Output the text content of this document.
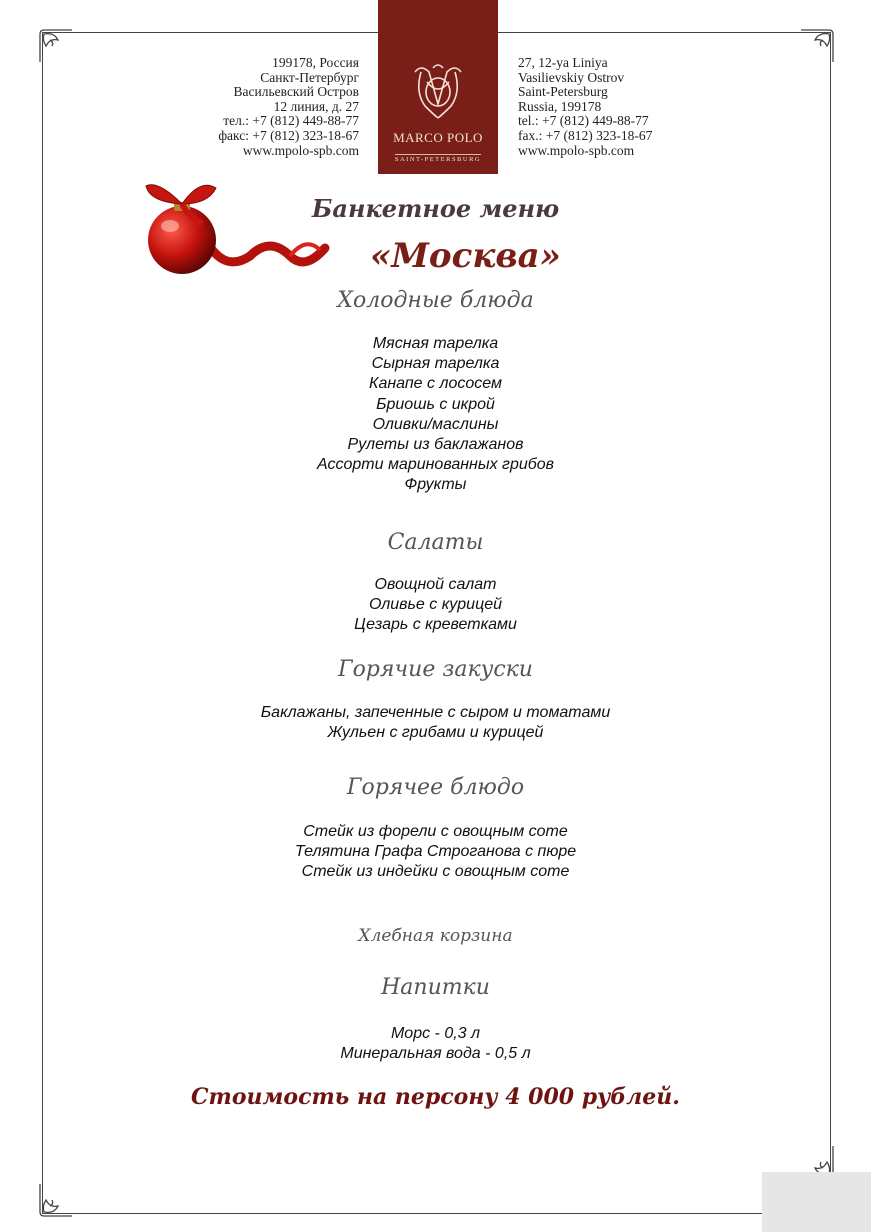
199178, Россия
Санкт-Петербург
Васильевский Остров
12 линия, д. 27
тел.: +7 (812) 449-88-77
факс: +7 (812) 323-18-67
www.mpolo-spb.com
MARCO POLO
SAINT-PETERSBURG
27, 12-ya Liniya
Vasilievskiy Ostrov
Saint-Petersburg
Russia, 199178
tel.: +7 (812) 449-88-77
fax.: +7 (812) 323-18-67
www.mpolo-spb.com
Банкетное меню
«Москва»
Холодные блюда
Мясная тарелка
Сырная тарелка
Канапе с лососем
Бриошь с икрой
Оливки/маслины
Рулеты из баклажанов
Ассорти маринованных грибов
Фрукты
Салаты
Овощной салат
Оливье с курицей
Цезарь с креветками
Горячие закуски
Баклажаны, запеченные с сыром и томатами
Жульен с грибами и курицей
Горячее блюдо
Стейк из форели с овощным соте
Телятина Графа Строганова с пюре
Стейк из индейки с овощным соте
Хлебная корзина
Напитки
Морс - 0,3 л
Минеральная вода - 0,5 л
Стоимость на персону 4 000 рублей.
